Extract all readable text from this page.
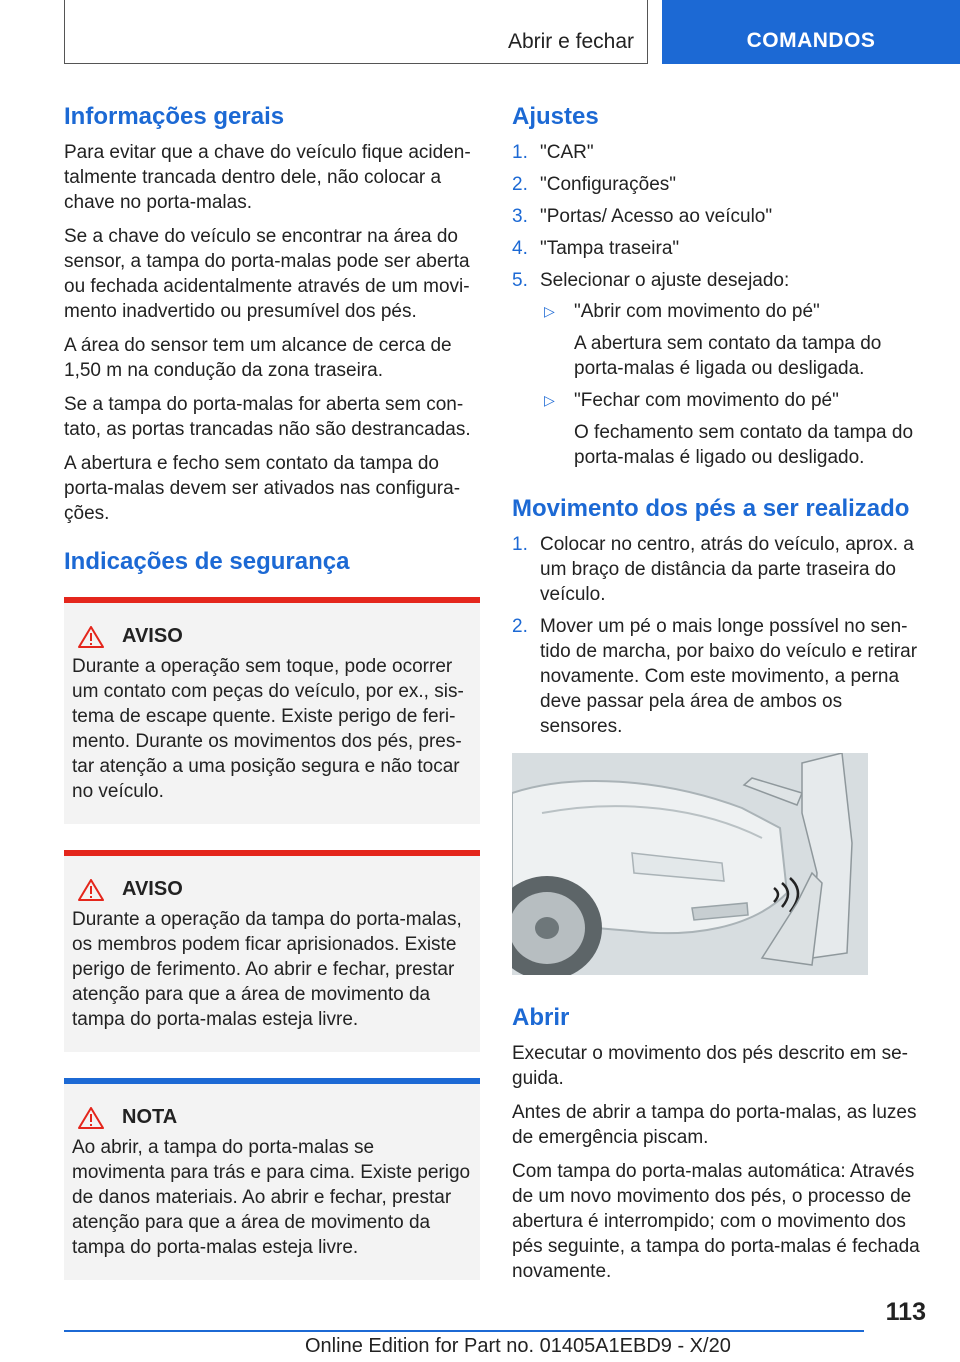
Abrir e fechar	COMANDOS
Informações gerais

Para evitar que a chave do veículo fique aciden-talmente trancada dentro dele, não colocar a chave no porta-malas.

Se a chave do veículo se encontrar na área do sensor, a tampa do porta-malas pode ser aberta ou fechada acidentalmente através de um movi-mento inadvertido ou presumível dos pés.

A área do sensor tem um alcance de cerca de 1,50 m na condução da zona traseira.

Se a tampa do porta-malas for aberta sem con-tato, as portas trancadas não são destrancadas.

A abertura e fecho sem contato da tampa do porta-malas devem ser ativados nas configura-ções.

Indicações de segurança
AVISO

Durante a operação sem toque, pode ocorrer um contato com peças do veículo, por ex., sis-tema de escape quente. Existe perigo de feri-mento. Durante os movimentos dos pés, pres-tar atenção a uma posição segura e não tocar no veículo.

AVISO

Durante a operação da tampa do porta-malas, os membros podem ficar aprisionados. Existe perigo de ferimento. Ao abrir e fechar, prestar atenção para que a área de movimento da tampa do porta-malas esteja livre.

NOTA

Ao abrir, a tampa do porta-malas se movimenta para trás e para cima. Existe perigo de danos materiais. Ao abrir e fechar, prestar atenção para que a área de movimento da tampa do porta-malas esteja livre.

Ajustes
1. "CAR"
2. "Configurações"
3. "Portas/ Acesso ao veículo"
4. "Tampa traseira"
5. Selecionar o ajuste desejado:
▷	"Abrir com movimento do pé"
A abertura sem contato da tampa do porta-malas é ligada ou desligada.
▷	"Fechar com movimento do pé"
O fechamento sem contato da tampa do porta-malas é ligado ou desligado.
Movimento dos pés a ser realizado
1. Colocar no centro, atrás do veículo, aprox. a um braço de distância da parte traseira do veículo.
2. Mover um pé o mais longe possível no sen-tido de marcha, por baixo do veículo e retirar novamente. Com este movimento, a perna deve passar pela área de ambos os sensores.
Abrir

Executar o movimento dos pés descrito em se-guida.

Antes de abrir a tampa do porta-malas, as luzes de emergência piscam.

Com tampa do porta-malas automática: Através de um novo movimento dos pés, o processo de abertura é interrompido; com o movimento dos pés seguinte, a tampa do porta-malas é fechada novamente.

113
Online Edition for Part no. 01405A1EBD9 - X/20
